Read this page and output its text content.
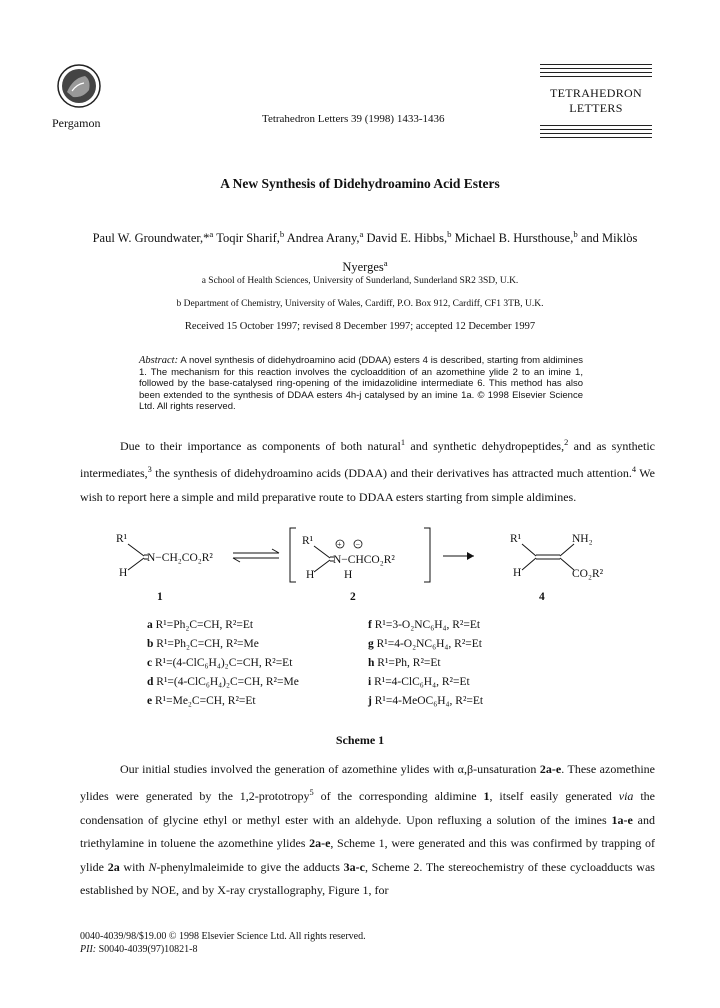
Pergamon	Tetrahedron Letters 39 (1998) 1433-1436
TETRAHEDRON
LETTERS
A New Synthesis of Didehydroamino Acid Esters
Paul W. Groundwater,*$^a$ Toqir Sharif,$^b$ Andrea Arany,$^a$ David E. Hibbs,$^b$ Michael B. Hursthouse,$^b$ and Miklòs
Nyerges$^a$
a School of Health Sciences, University of Sunderland, Sunderland SR2 3SD, U.K.
b Department of Chemistry, University of Wales, Cardiff, P.O. Box 912, Cardiff, CF1 3TB, U.K.
Received 15 October 1997; revised 8 December 1997; accepted 12 December 1997
Abstract: A novel synthesis of didehydroamino acid (DDAA) esters 4 is described, starting from aldimines 1. The mechanism for this reaction involves the cycloaddition of an azomethine ylide 2 to an imine 1, followed by the base-catalysed ring-opening of the imidazolidine intermediate 6. This method has also been extended to the synthesis of DDAA esters 4h-j catalysed by an imine 1a. © 1998 Elsevier Science Ltd. All rights reserved.
Due to their importance as components of both natural$^1$ and synthetic dehydropeptides,$^2$ and as synthetic intermediates,$^3$ the synthesis of didehydroamino acids (DDAA) and their derivatives has attracted much attention.$^4$ We wish to report here a simple and mild preparative route to DDAA esters starting from simple aldimines.
R¹
N−CH₂CO₂R²
H
R¹
N−CHCO₂R²
+ −
H	H
R¹	NH₂
H	CO₂R²
1	2	4
a R¹=Ph₂C=CH, R²=Et
b R¹=Ph₂C=CH, R²=Me
c R¹=(4-ClC₆H₄)₂C=CH, R²=Et
d R¹=(4-ClC₆H₄)₂C=CH, R²=Me
e R¹=Me₂C=CH, R²=Et
f R¹=3-O₂NC₆H₄, R²=Et
g R¹=4-O₂NC₆H₄, R²=Et
h R¹=Ph, R²=Et
i R¹=4-ClC₆H₄, R²=Et
j R¹=4-MeOC₆H₄, R²=Et
Scheme 1
Our initial studies involved the generation of azomethine ylides with α,β-unsaturation 2a-e. These azomethine ylides were generated by the 1,2-prototropy$^5$ of the corresponding aldimine 1, itself easily generated via the condensation of glycine ethyl or methyl ester with an aldehyde. Upon refluxing a solution of the imines 1a-e and triethylamine in toluene the azomethine ylides 2a-e, Scheme 1, were generated and this was confirmed by trapping of ylide 2a with N-phenylmaleimide to give the adducts 3a-c, Scheme 2. The stereochemistry of these cycloadducts was established by NOE, and by X-ray crystallography, Figure 1, for
0040-4039/98/$19.00 © 1998 Elsevier Science Ltd. All rights reserved.
PII: S0040-4039(97)10821-8
